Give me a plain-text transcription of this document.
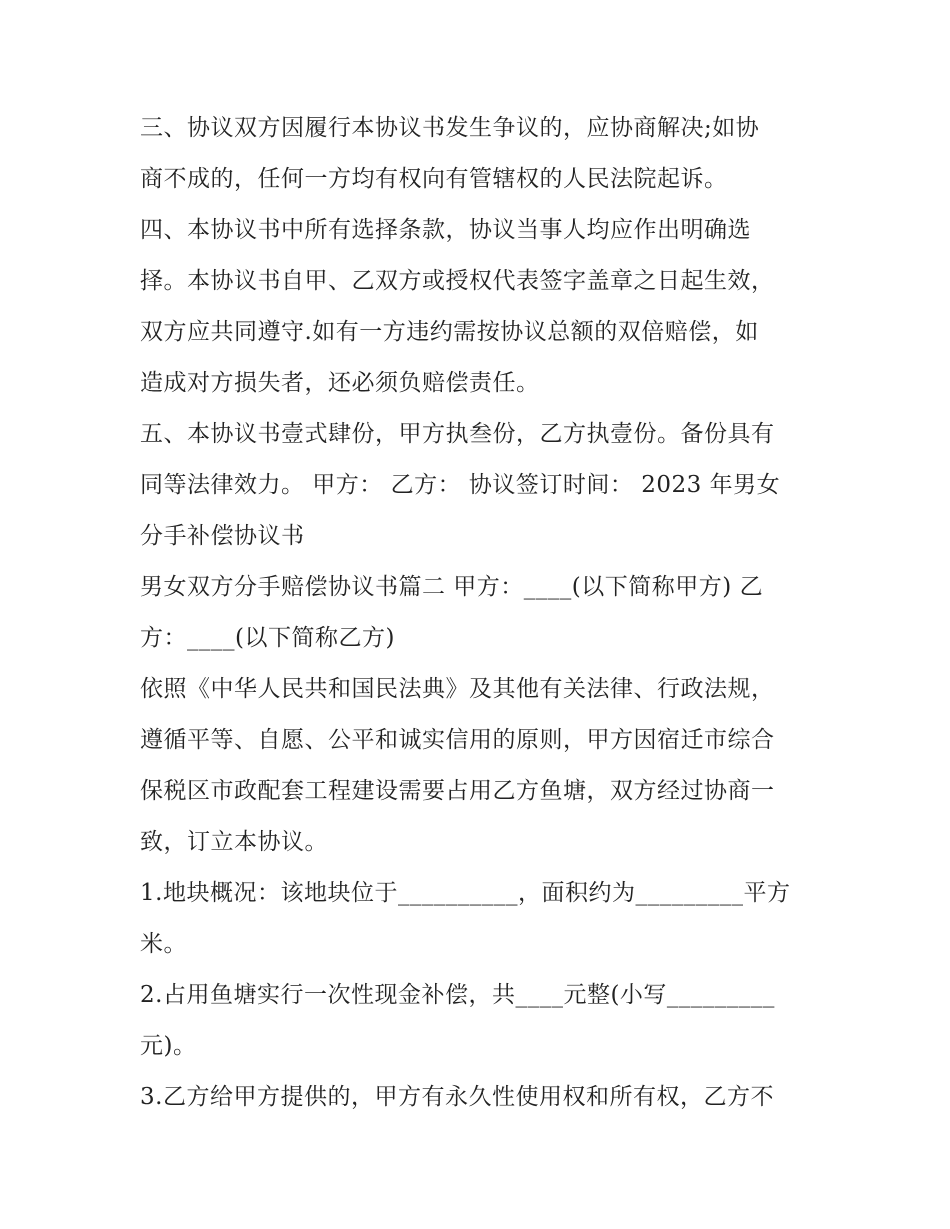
三、协议双方因履行本协议书发生争议的，应协商解决;如协
商不成的，任何一方均有权向有管辖权的人民法院起诉。
四、本协议书中所有选择条款，协议当事人均应作出明确选
择。本协议书自甲、乙双方或授权代表签字盖章之日起生效，
双方应共同遵守.如有一方违约需按协议总额的双倍赔偿，如
造成对方损失者，还必须负赔偿责任。
五、本协议书壹式肆份，甲方执叁份，乙方执壹份。备份具有
同等法律效力。 甲方： 乙方： 协议签订时间： 2023 年男女
分手补偿协议书
男女双方分手赔偿协议书篇二 甲方：____(以下简称甲方) 乙
方：____(以下简称乙方)
依照《中华人民共和国民法典》及其他有关法律、行政法规，
遵循平等、自愿、公平和诚实信用的原则，甲方因宿迁市综合
保税区市政配套工程建设需要占用乙方鱼塘，双方经过协商一
致，订立本协议。
1.地块概况：该地块位于__________，面积约为_________平方
米。
2.占用鱼塘实行一次性现金补偿，共____元整(小写_________
元)。
3.乙方给甲方提供的，甲方有永久性使用权和所有权，乙方不
